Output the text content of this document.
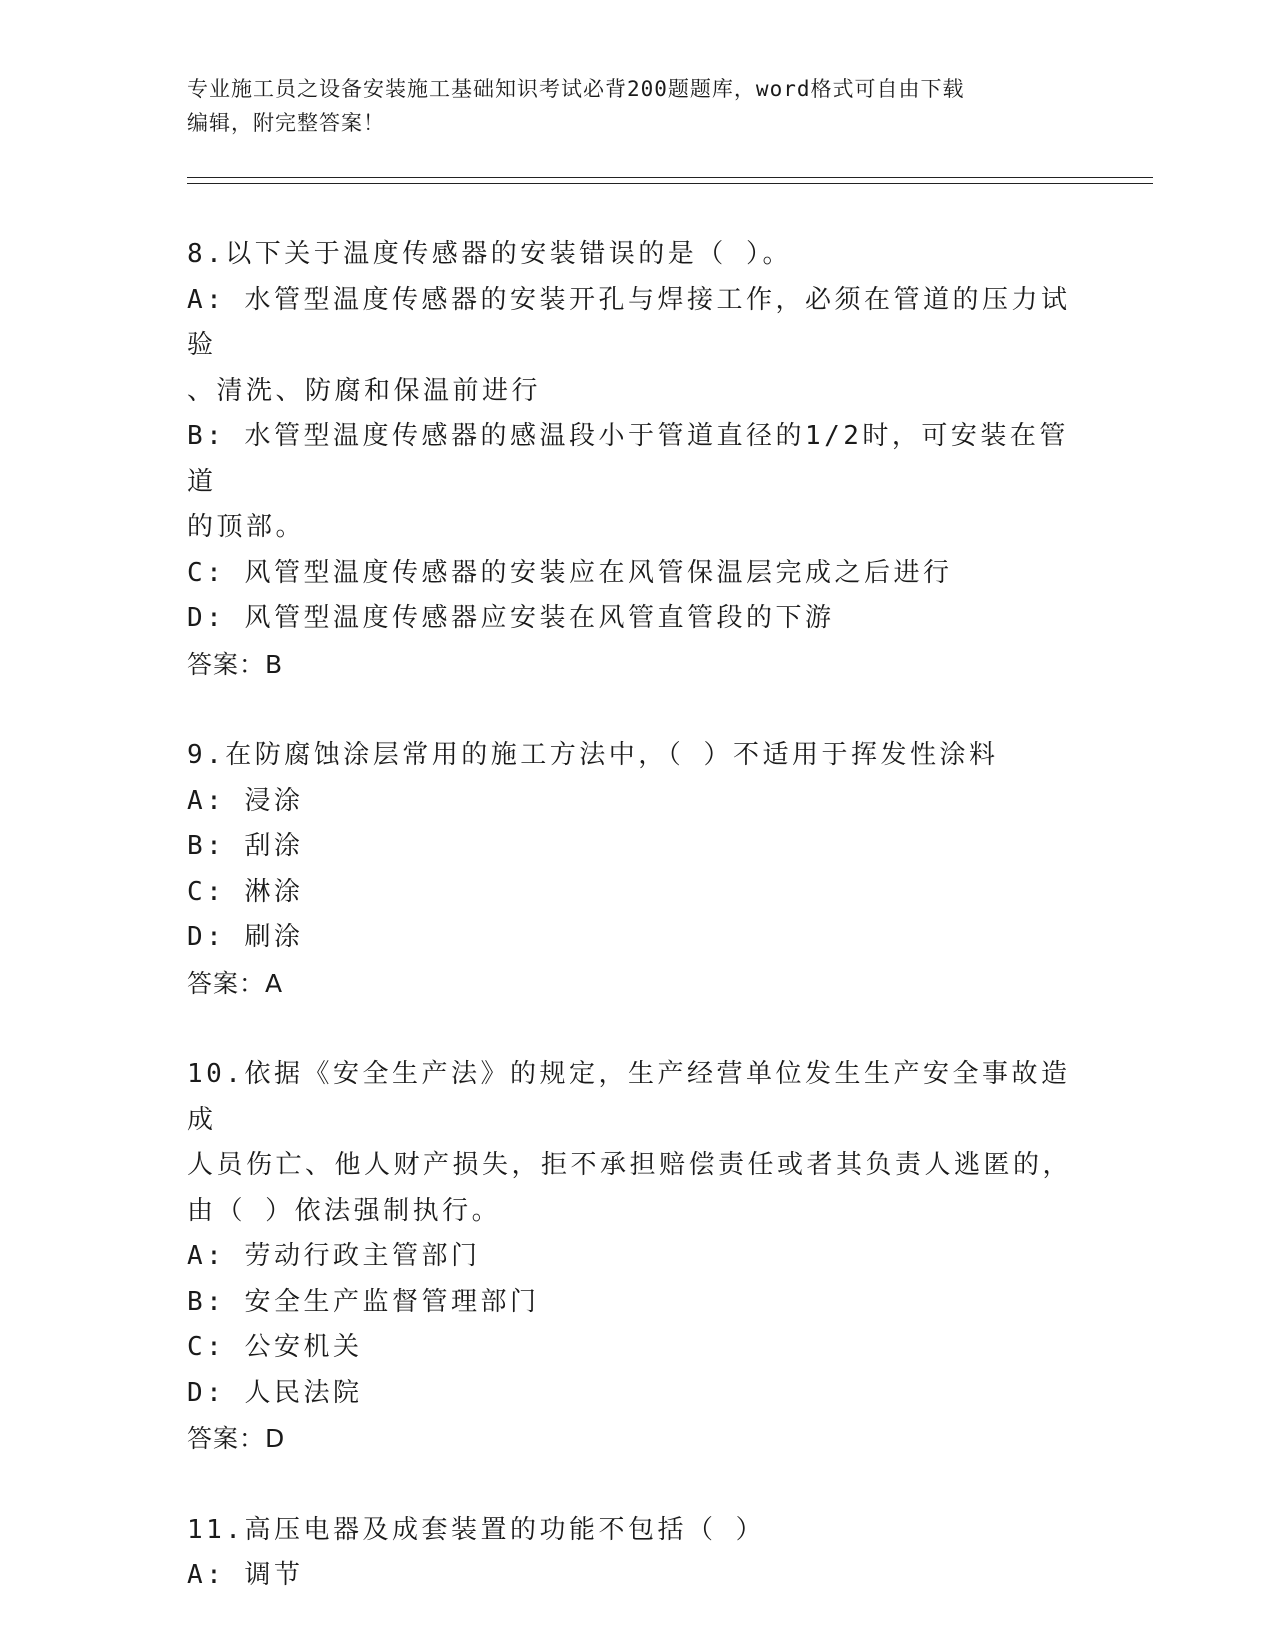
专业施工员之设备安装施工基础知识考试必背200题题库，word格式可自由下载
编辑，附完整答案！
8.以下关于温度传感器的安装错误的是（ ）。
A: 水管型温度传感器的安装开孔与焊接工作，必须在管道的压力试验
、清洗、防腐和保温前进行
B: 水管型温度传感器的感温段小于管道直径的1/2时，可安装在管道
的顶部。
C: 风管型温度传感器的安装应在风管保温层完成之后进行
D: 风管型温度传感器应安装在风管直管段的下游
答案：B
9.在防腐蚀涂层常用的施工方法中，（ ）不适用于挥发性涂料
A: 浸涂
B: 刮涂
C: 淋涂
D: 刷涂
答案：A
10.依据《安全生产法》的规定，生产经营单位发生生产安全事故造成
人员伤亡、他人财产损失，拒不承担赔偿责任或者其负责人逃匿的，
由（ ）依法强制执行。
A: 劳动行政主管部门
B: 安全生产监督管理部门
C: 公安机关
D: 人民法院
答案：D
11.高压电器及成套装置的功能不包括（ ）
A: 调节
